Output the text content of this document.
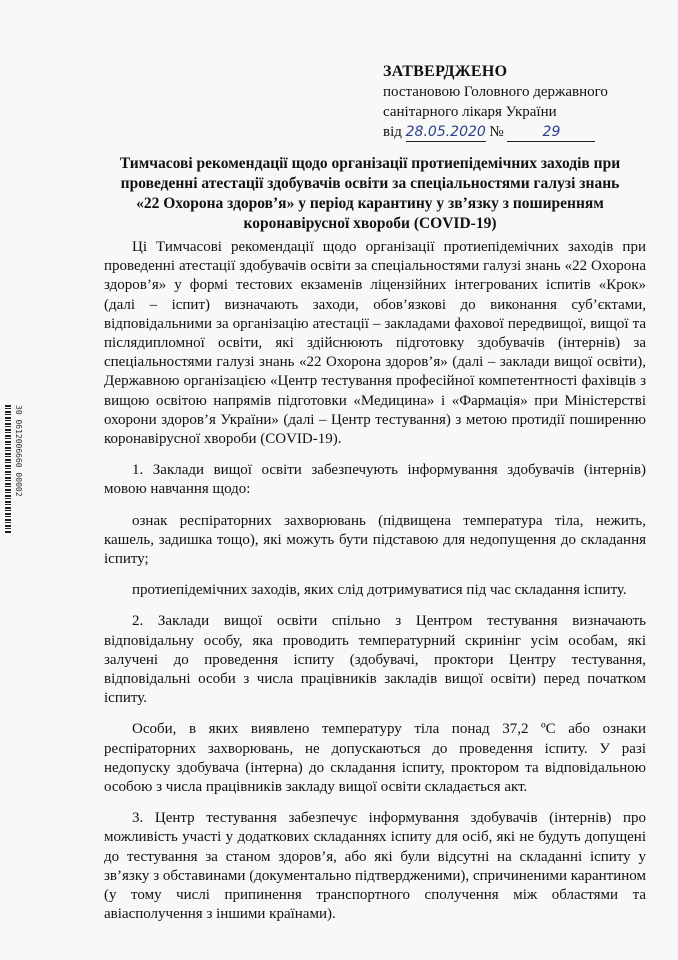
30 0612006660 00002
ЗАТВЕРДЖЕНО
постановою Головного державного
санітарного лікаря України
від 28.05.2020 №	29
Тимчасові рекомендації щодо організації протиепідемічних заходів при
проведенні атестації здобувачів освіти за спеціальностями галузі знань
«22 Охорона здоров’я» у період карантину у зв’язку з поширенням
коронавірусної хвороби (COVID-19)

Ці Тимчасові рекомендації щодо організації протиепідемічних заходів при проведенні атестації здобувачів освіти за спеціальностями галузі знань «22 Охорона здоров’я» у формі тестових екзаменів ліцензійних інтегрованих іспитів «Крок» (далі – іспит) визначають заходи, обов’язкові до виконання суб’єктами, відповідальними за організацію атестації – закладами фахової передвищої, вищої та післядипломної освіти, які здійснюють підготовку здобувачів (інтернів) за спеціальностями галузі знань «22 Охорона здоров’я» (далі – заклади вищої освіти), Державною організацією «Центр тестування професійної компетентності фахівців з вищою освітою напрямів підготовки «Медицина» і «Фармація» при Міністерстві охорони здоров’я України» (далі – Центр тестування) з метою протидії поширенню коронавірусної хвороби (COVID-19).

1. Заклади вищої освіти забезпечують інформування здобувачів (інтернів) мовою навчання щодо:

ознак респіраторних захворювань (підвищена температура тіла, нежить, кашель, задишка тощо), які можуть бути підставою для недопущення до складання іспиту;

протиепідемічних заходів, яких слід дотримуватися під час складання іспиту.

2. Заклади вищої освіти спільно з Центром тестування визначають відповідальну особу, яка проводить температурний скринінг усім особам, які залучені до проведення іспиту (здобувачі, проктори Центру тестування, відповідальні особи з числа працівників закладів вищої освіти) перед початком іспиту.

Особи, в яких виявлено температуру тіла понад 37,2 ºС або ознаки респіраторних захворювань, не допускаються до проведення іспиту. У разі недопуску здобувача (інтерна) до складання іспиту, проктором та відповідальною особою з числа працівників закладу вищої освіти складається акт.

3. Центр тестування забезпечує інформування здобувачів (інтернів) про можливість участі у додаткових складаннях іспиту для осіб, які не будуть допущені до тестування за станом здоров’я, або які були відсутні на складанні іспиту у зв’язку з обставинами (документально підтвердженими), спричиненими карантином (у тому числі припинення транспортного сполучення між областями та авіасполучення з іншими країнами).
